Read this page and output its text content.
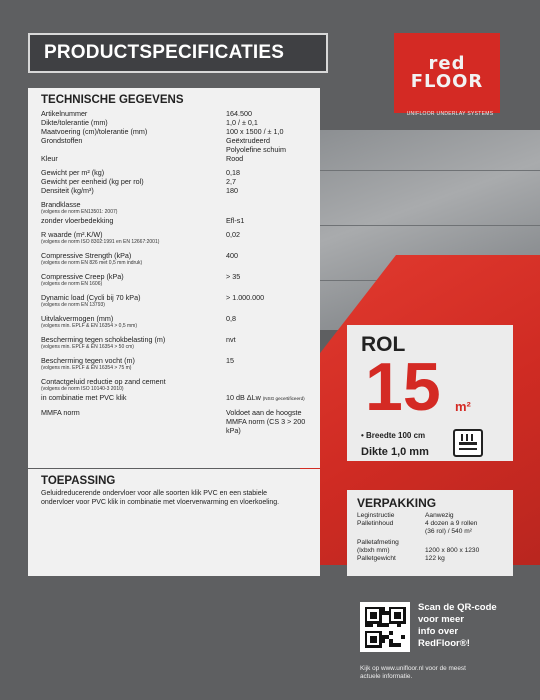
PRODUCTSPECIFICATIES
red
FLOOR
UNIFLOOR UNDERLAY SYSTEMS
TECHNISCHE GEGEVENS
Artikelnummer	164.500
Dikte/tolerantie (mm)	1,0 / ± 0,1
Maatvoering (cm)/tolerantie (mm)	100 x 1500 / ± 1,0
Grondstoffen	Geëxtrudeerd
Polyolefine schuim
Kleur	Rood
Gewicht per m² (kg)	0,18
Gewicht per eenheid (kg per rol)	2,7
Densiteit (kg/m³)	180
Brandklasse
(volgens de norm EN13501: 2007)
zonder vloerbedekking	Efl-s1
R waarde (m².K/W)	0,02
(volgens de norm ISO 8302:1991 en EN 12667:2001)
Compressive Strength (kPa)	400
(volgens de norm EN 826 met 0,5 mm indruk)
Compressive Creep (kPa)	> 35
(volgens de norm EN 1606)
Dynamic load (Cycli bij 70 kPa)	> 1.000.000
(volgens de norm EN 13793)
Uitvlakvermogen (mm)	0,8
(volgens min. EPLF & EN 16354 > 0,5 mm)
Bescherming tegen schokbelasting (m)	nvt
(volgens min. EPLF & EN 16354 > 50 cm)
Bescherming tegen vocht (m)	15
(volgens min. EPLF & EN 16354 > 75 m)
Contactgeluid reductie op zand cement
(volgens de norm ISO 10140-3 2010)
in combinatie met PVC klik	10 dB ΔLw (NSG gecertificeerd)
MMFA norm	Voldoet aan de hoogste
MMFA norm (CS 3 > 200 kPa)
TOEPASSING
Geluidreducerende ondervloer voor alle soorten klik PVC en een stabiele
ondervloer voor PVC klik in combinatie met vloerverwarming en vloerkoeling.
ROL
15 m²
• Breedte 100 cm
Dikte 1,0 mm
VERPAKKING
Leginstructie	Aanwezig
Palletinhoud	4 dozen a 9 rollen
(36 rol) / 540 m²
Palletafmeting
(lxbxh mm)	1200 x 800 x 1230
Palletgewicht	122 kg
Scan de QR-code
voor meer
info over
RedFloor®!
Kijk op www.unifloor.nl voor de meest
actuele informatie.
